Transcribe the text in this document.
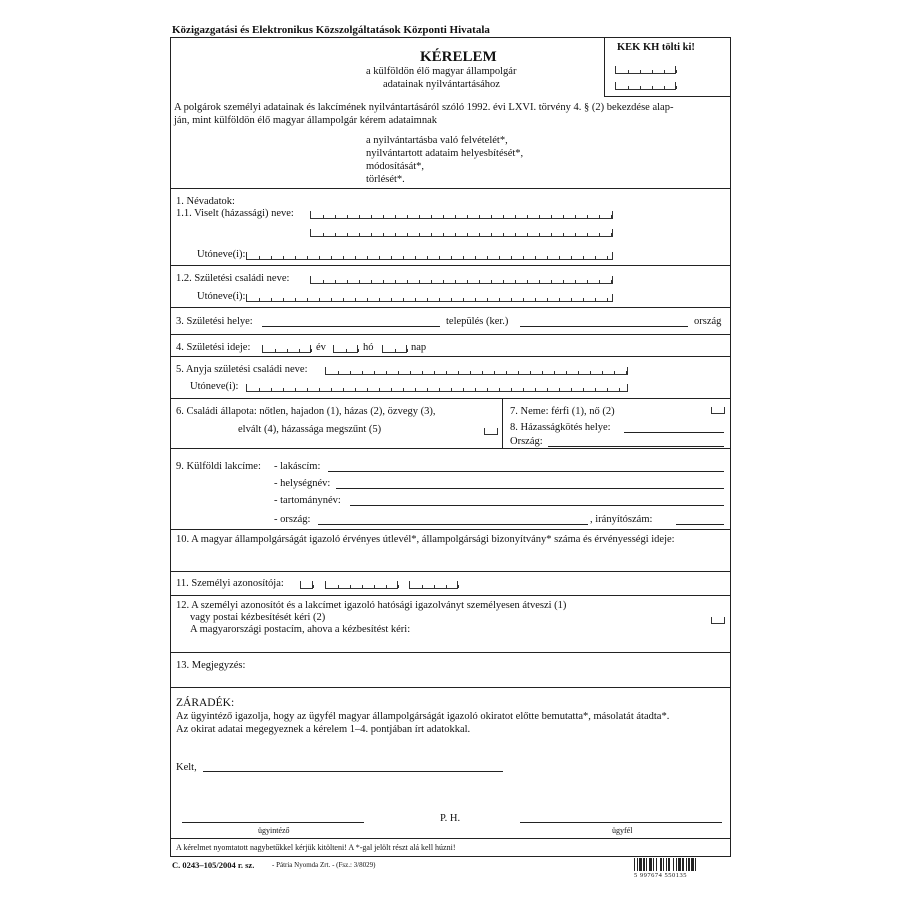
Közigazgatási és Elektronikus Közszolgáltatások Központi Hivatala
KEK KH tölti ki!
KÉRELEM
a külföldön élő magyar állampolgár
adatainak nyilvántartásához
A polgárok személyi adatainak és lakcímének nyilvántartásáról szóló 1992. évi LXVI. törvény 4. § (2) bekezdése alap-
ján, mint külföldön élő magyar állampolgár kérem adataimnak
a nyilvántartásba való felvételét*,
nyilvántartott adataim helyesbítését*,
módosítását*,
törlését*.
1. Névadatok:
1.1. Viselt (házassági) neve:
Utóneve(i):
1.2. Születési családi neve:
Utóneve(i):
3. Születési helye:	település (ker.)	ország
4. Születési ideje:	év	hó	nap
5. Anyja születési családi neve:
Utóneve(i):
6. Családi állapota: nőtlen, hajadon (1), házas (2), özvegy (3),
elvált (4), házassága megszűnt (5)
7. Neme: férfi (1), nő (2)
8. Házasságkötés helye:
Ország:
9. Külföldi lakcíme: - lakáscím:
- helységnév:
- tartománynév:
- ország:	, irányítószám:
10. A magyar állampolgárságát igazoló érvényes útlevél*, állampolgársági bizonyítvány* száma és érvényességi ideje:
11. Személyi azonosítója:
12. A személyi azonosítót és a lakcímet igazoló hatósági igazolványt személyesen átveszi (1)
vagy postai kézbesítését kéri (2)
A magyarországi postacím, ahova a kézbesítést kéri:
13. Megjegyzés:
ZÁRADÉK:
Az ügyintéző igazolja, hogy az ügyfél magyar állampolgárságát igazoló okiratot előtte bemutatta*, másolatát átadta*.
Az okirat adatai megegyeznek a kérelem 1–4. pontjában írt adatokkal.
Kelt,
P. H.
ügyintéző	ügyfél
A kérelmet nyomtatott nagybetűkkel kérjük kitölteni! A *-gal jelölt részt alá kell húzni!
C. 0243–105/2004 r. sz.	- Pátria Nyomda Zrt. - (Fsz.: 3/8029)
5 997674 550135
